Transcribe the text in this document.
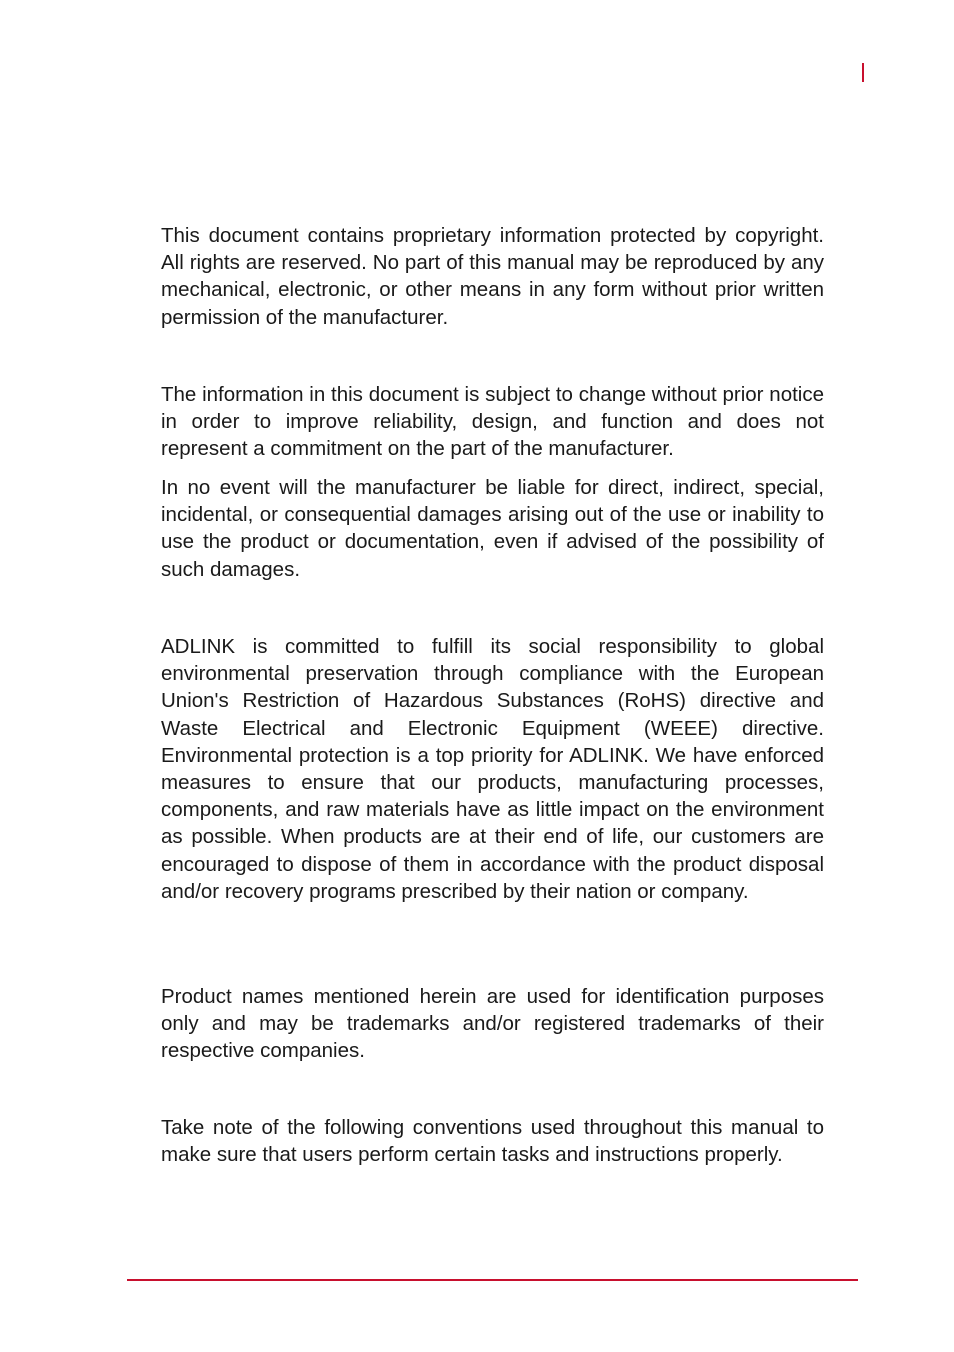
This document contains proprietary information protected by copyright. All rights are reserved. No part of this manual may be reproduced by any mechanical, electronic, or other means in any form without prior written permission of the manufacturer.

The information in this document is subject to change without prior notice in order to improve reliability, design, and function and does not represent a commitment on the part of the manufacturer.

In no event will the manufacturer be liable for direct, indirect, special, incidental, or consequential damages arising out of the use or inability to use the product or documentation, even if advised of the possibility of such damages.

ADLINK is committed to fulfill its social responsibility to global environmental preservation through compliance with the European Union's Restriction of Hazardous Substances (RoHS) directive and Waste Electrical and Electronic Equipment (WEEE) directive. Environmental protection is a top priority for ADLINK. We have enforced measures to ensure that our products, manufacturing processes, components, and raw materials have as little impact on the environment as possible. When products are at their end of life, our customers are encouraged to dispose of them in accordance with the product disposal and/or recovery programs prescribed by their nation or company.

Product names mentioned herein are used for identification purposes only and may be trademarks and/or registered trademarks of their respective companies.

Take note of the following conventions used throughout this manual to make sure that users perform certain tasks and instructions properly.
